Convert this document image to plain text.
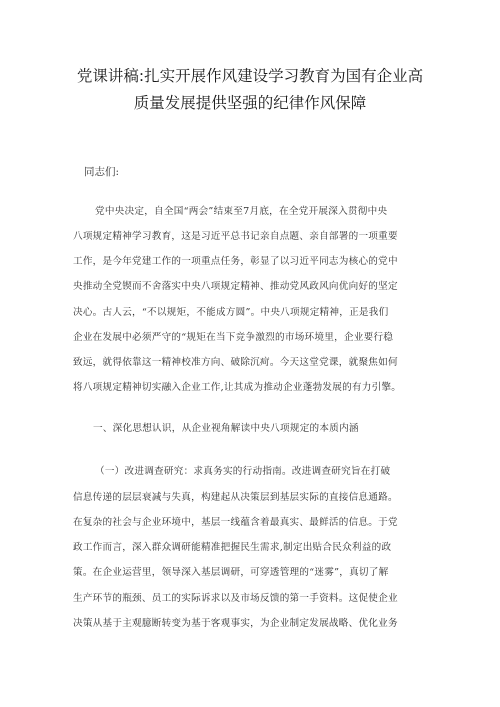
党课讲稿:扎实开展作风建设学习教育为国有企业高
质量发展提供坚强的纪律作风保障
同志们:
党中央决定，自全国“两会”结束至7月底，在全党开展深入贯彻中央
八项规定精神学习教育，这是习近平总书记亲自点题、亲自部署的一项重要
工作，是今年党建工作的一项重点任务，彰显了以习近平同志为核心的党中
央推动全党锲而不舍落实中央八项规定精神、推动党风政风向优向好的坚定
决心。古人云，“不以规矩，不能成方圆”。中央八项规定精神，正是我们
企业在发展中必须严守的“规矩在当下竞争激烈的市场环境里，企业要行稳
致远，就得依靠这一精神校准方向、破除沉疴。今天这堂党课，就聚焦如何
将八项规定精神切实融入企业工作,让其成为推动企业蓬勃发展的有力引擎。
一、深化思想认识，从企业视角解读中央八项规定的本质内涵
（一）改进调查研究：求真务实的行动指南。改进调查研究旨在打破
信息传递的层层衰减与失真，构建起从决策层到基层实际的直接信息通路。
在复杂的社会与企业环境中，基层一线蕴含着最真实、最鲜活的信息。于党
政工作而言，深入群众调研能精准把握民生需求,制定出贴合民众利益的政
策。在企业运营里，领导深入基层调研，可穿透管理的“迷雾”，真切了解
生产环节的瓶颈、员工的实际诉求以及市场反馈的第一手资料。这促使企业
决策从基于主观臆断转变为基于客观事实，为企业制定发展战略、优化业务
